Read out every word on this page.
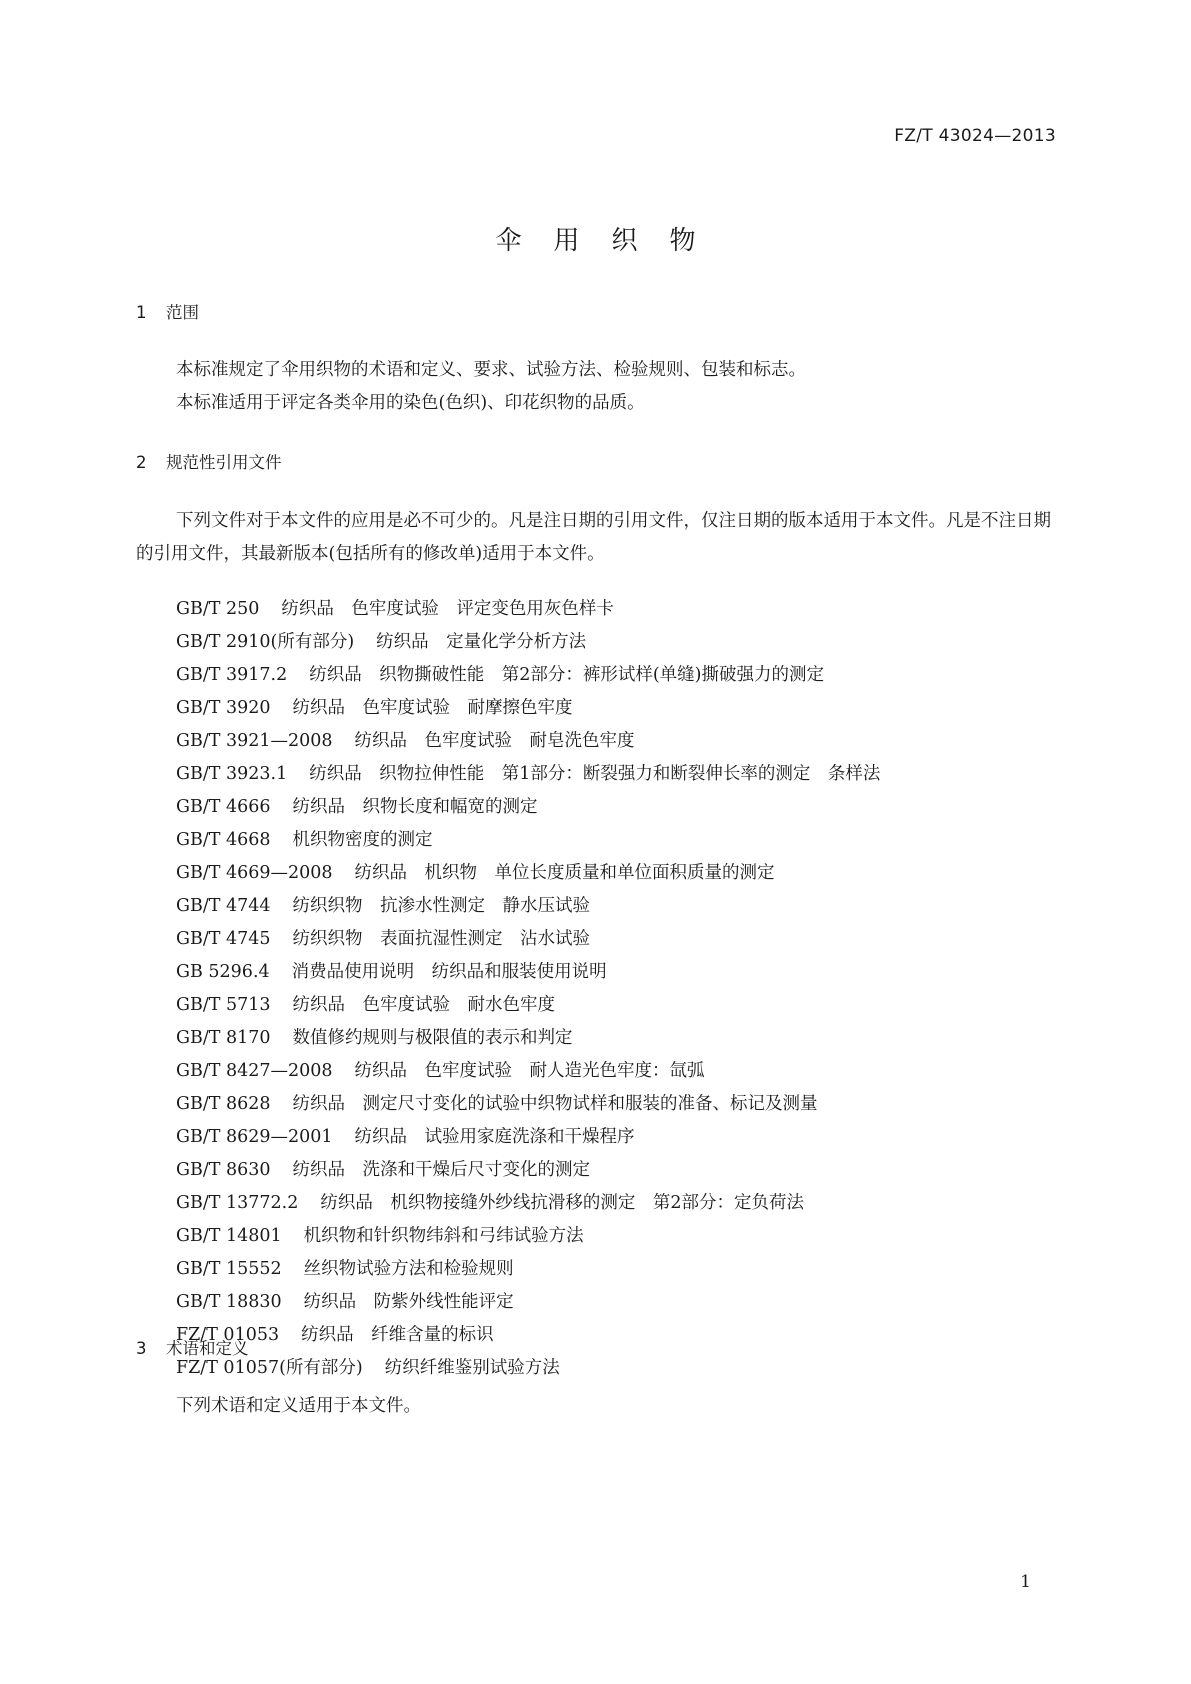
FZ/T 43024—2013
伞用织物
1 范围

本标准规定了伞用织物的术语和定义、要求、试验方法、检验规则、包装和标志。

本标准适用于评定各类伞用的染色(色织)、印花织物的品质。

2 规范性引用文件

下列文件对于本文件的应用是必不可少的。凡是注日期的引用文件，仅注日期的版本适用于本文件。凡是不注日期的引用文件，其最新版本(包括所有的修改单)适用于本文件。

GB/T 250 纺织品　色牢度试验　评定变色用灰色样卡
GB/T 2910(所有部分) 纺织品　定量化学分析方法
GB/T 3917.2 纺织品　织物撕破性能　第2部分：裤形试样(单缝)撕破强力的测定
GB/T 3920 纺织品　色牢度试验　耐摩擦色牢度
GB/T 3921—2008 纺织品　色牢度试验　耐皂洗色牢度
GB/T 3923.1 纺织品　织物拉伸性能　第1部分：断裂强力和断裂伸长率的测定　条样法
GB/T 4666 纺织品　织物长度和幅宽的测定
GB/T 4668 机织物密度的测定
GB/T 4669—2008 纺织品　机织物　单位长度质量和单位面积质量的测定
GB/T 4744 纺织织物　抗渗水性测定　静水压试验
GB/T 4745 纺织织物　表面抗湿性测定　沾水试验
GB 5296.4 消费品使用说明　纺织品和服装使用说明
GB/T 5713 纺织品　色牢度试验　耐水色牢度
GB/T 8170 数值修约规则与极限值的表示和判定
GB/T 8427—2008 纺织品　色牢度试验　耐人造光色牢度：氙弧
GB/T 8628 纺织品　测定尺寸变化的试验中织物试样和服装的准备、标记及测量
GB/T 8629—2001 纺织品　试验用家庭洗涤和干燥程序
GB/T 8630 纺织品　洗涤和干燥后尺寸变化的测定
GB/T 13772.2 纺织品　机织物接缝外纱线抗滑移的测定　第2部分：定负荷法
GB/T 14801 机织物和针织物纬斜和弓纬试验方法
GB/T 15552 丝织物试验方法和检验规则
GB/T 18830 纺织品　防紫外线性能评定
FZ/T 01053 纺织品　纤维含量的标识
FZ/T 01057(所有部分) 纺织纤维鉴别试验方法
3 术语和定义

下列术语和定义适用于本文件。

1
